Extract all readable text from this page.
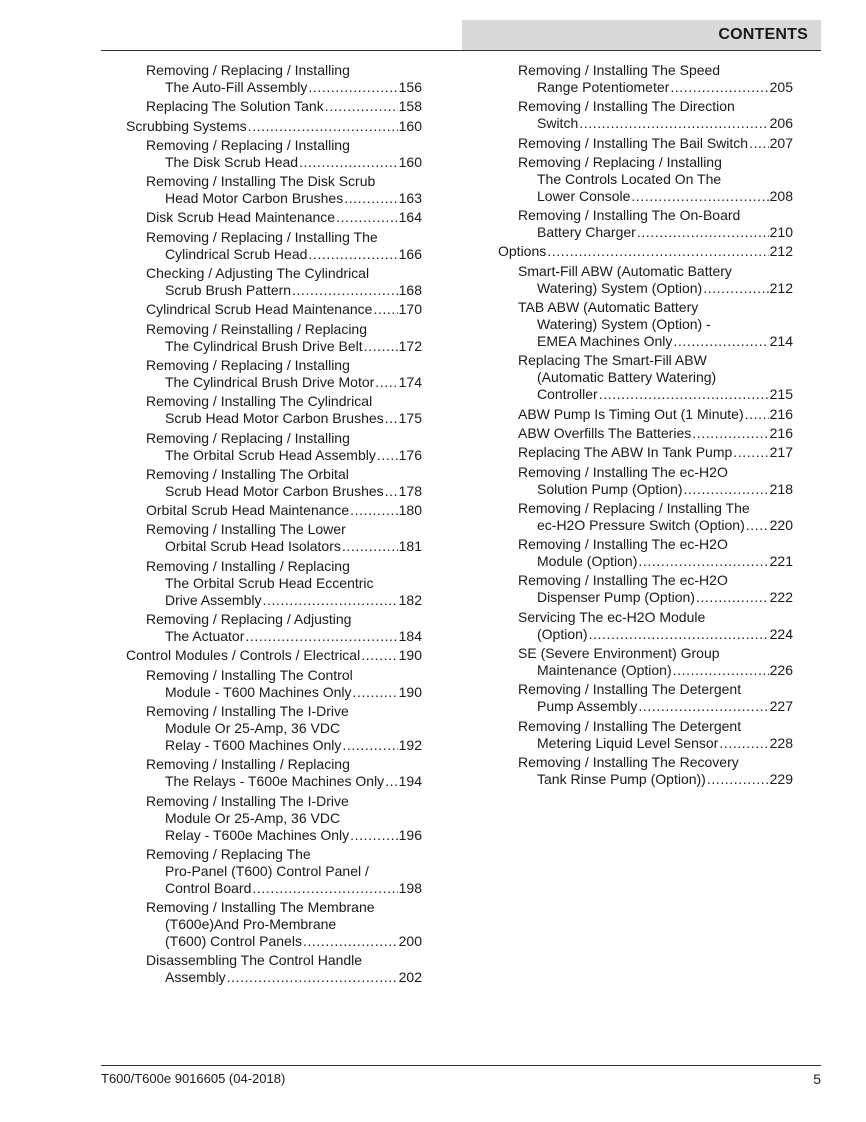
CONTENTS
Removing / Replacing / Installing
The Auto-Fill Assembly .....	156
Replacing The Solution Tank .....	158
Scrubbing Systems .....	160
Removing / Replacing / Installing
The Disk Scrub Head .....	160
Removing / Installing The Disk Scrub
Head Motor Carbon Brushes .....	163
Disk Scrub Head Maintenance .....	164
Removing / Replacing / Installing The
Cylindrical Scrub Head .....	166
Checking / Adjusting The Cylindrical
Scrub Brush Pattern .....	168
Cylindrical Scrub Head Maintenance ..... 170
Removing / Reinstalling / Replacing
The Cylindrical Brush Drive Belt .....	172
Removing / Replacing / Installing
The Cylindrical Brush Drive Motor ..... 174
Removing / Installing The Cylindrical
Scrub Head Motor Carbon Brushes ..... 175
Removing / Replacing / Installing
The Orbital Scrub Head Assembly ..... 176
Removing / Installing The Orbital
Scrub Head Motor Carbon Brushes ..... 178
Orbital Scrub Head Maintenance .....	180
Removing / Installing The Lower
Orbital Scrub Head Isolators .....	181
Removing / Installing / Replacing
The Orbital Scrub Head Eccentric
Drive Assembly .....	182
Removing / Replacing / Adjusting
The Actuator .....	184
Control Modules / Controls / Electrical .....	190
Removing / Installing The Control
Module - T600 Machines Only .....	190
Removing / Installing The I-Drive
Module Or 25-Amp, 36 VDC
Relay - T600 Machines Only .....	192
Removing / Installing / Replacing
The Relays - T600e Machines Only ..... 194
Removing / Installing The I-Drive
Module Or 25-Amp, 36 VDC
Relay - T600e Machines Only .....	196
Removing / Replacing The
Pro-Panel (T600) Control Panel /
Control Board .....	198
Removing / Installing The Membrane
(T600e)And Pro-Membrane
(T600) Control Panels .....	200
Disassembling The Control Handle
Assembly .....	202
Removing / Installing The Speed
Range Potentiometer .....	205
Removing / Installing The Direction
Switch .....	206
Removing / Installing The Bail Switch ..... 207
Removing / Replacing / Installing
The Controls Located On The
Lower Console .....	208
Removing / Installing The On-Board
Battery Charger .....	210
Options .....	212
Smart-Fill ABW (Automatic Battery
Watering) System (Option) .....	212
TAB ABW (Automatic Battery
Watering) System (Option) -
EMEA Machines Only .....	214
Replacing The Smart-Fill ABW
(Automatic Battery Watering)
Controller .....	215
ABW Pump Is Timing Out (1 Minute) ..... 216
ABW Overfills The Batteries .....	216
Replacing The ABW In Tank Pump .....	217
Removing / Installing The ec-H2O
Solution Pump (Option) .....	218
Removing / Replacing / Installing The
ec-H2O Pressure Switch (Option) ..... 220
Removing / Installing The ec-H2O
Module (Option) .....	221
Removing / Installing The ec-H2O
Dispenser Pump (Option) .....	222
Servicing The ec-H2O Module
(Option) .....	224
SE (Severe Environment) Group
Maintenance (Option) .....	226
Removing / Installing The Detergent
Pump Assembly .....	227
Removing / Installing The Detergent
Metering Liquid Level Sensor .....	228
Removing / Installing The Recovery
Tank Rinse Pump (Option)) .....	229
T600/T600e 9016605 (04-2018)	5
